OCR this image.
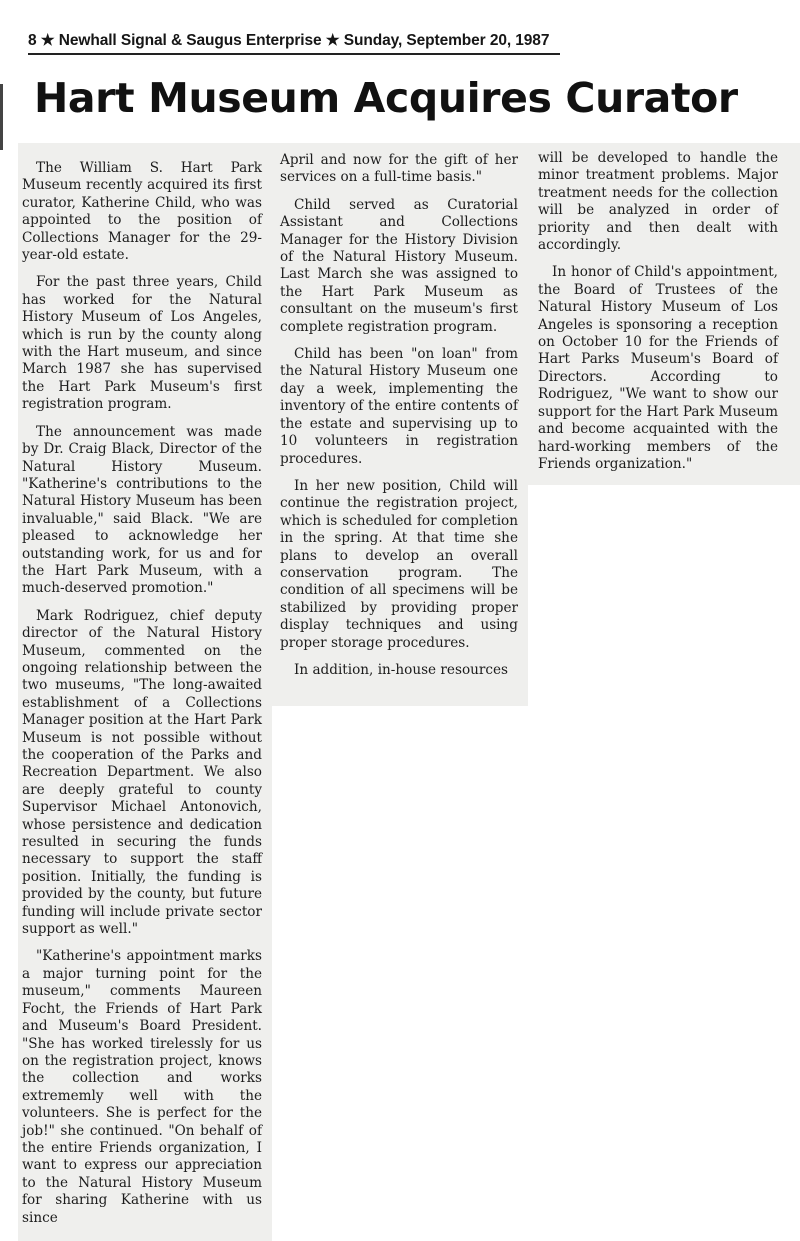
8 ★ Newhall Signal & Saugus Enterprise ★ Sunday, September 20, 1987
Hart Museum Acquires Curator

The William S. Hart Park Museum recently acquired its first curator, Katherine Child, who was appointed to the position of Collections Manager for the 29-year-old estate.

For the past three years, Child has worked for the Natural History Museum of Los Angeles, which is run by the county along with the Hart museum, and since March 1987 she has supervised the Hart Park Museum's first registration program.

The announcement was made by Dr. Craig Black, Director of the Natural History Museum. "Katherine's contributions to the Natural History Museum has been invaluable," said Black. "We are pleased to acknowledge her outstanding work, for us and for the Hart Park Museum, with a much-deserved promotion."

Mark Rodriguez, chief deputy director of the Natural History Museum, commented on the ongoing relationship between the two museums, "The long-awaited establishment of a Collections Manager position at the Hart Park Museum is not possible without the cooperation of the Parks and Recreation Department. We also are deeply grateful to county Supervisor Michael Antonovich, whose persistence and dedication resulted in securing the funds necessary to support the staff position. Initially, the funding is provided by the county, but future funding will include private sector support as well."

"Katherine's appointment marks a major turning point for the museum," comments Maureen Focht, the Friends of Hart Park and Museum's Board President. "She has worked tirelessly for us on the registration project, knows the collection and works extrememly well with the volunteers. She is perfect for the job!" she continued. "On behalf of the entire Friends organization, I want to express our appreciation to the Natural History Museum for sharing Katherine with us since

April and now for the gift of her services on a full-time basis."

Child served as Curatorial Assistant and Collections Manager for the History Division of the Natural History Museum. Last March she was assigned to the Hart Park Museum as consultant on the museum's first complete registration program.

Child has been "on loan" from the Natural History Museum one day a week, implementing the inventory of the entire contents of the estate and supervising up to 10 volunteers in registration procedures.

In her new position, Child will continue the registration project, which is scheduled for completion in the spring. At that time she plans to develop an overall conservation program. The condition of all specimens will be stabilized by providing proper display techniques and using proper storage procedures.

In addition, in-house resources

will be developed to handle the minor treatment problems. Major treatment needs for the collection will be analyzed in order of priority and then dealt with accordingly.

In honor of Child's appointment, the Board of Trustees of the Natural History Museum of Los Angeles is sponsoring a reception on October 10 for the Friends of Hart Parks Museum's Board of Directors. According to Rodriguez, "We want to show our support for the Hart Park Museum and become acquainted with the hard-working members of the Friends organization."
